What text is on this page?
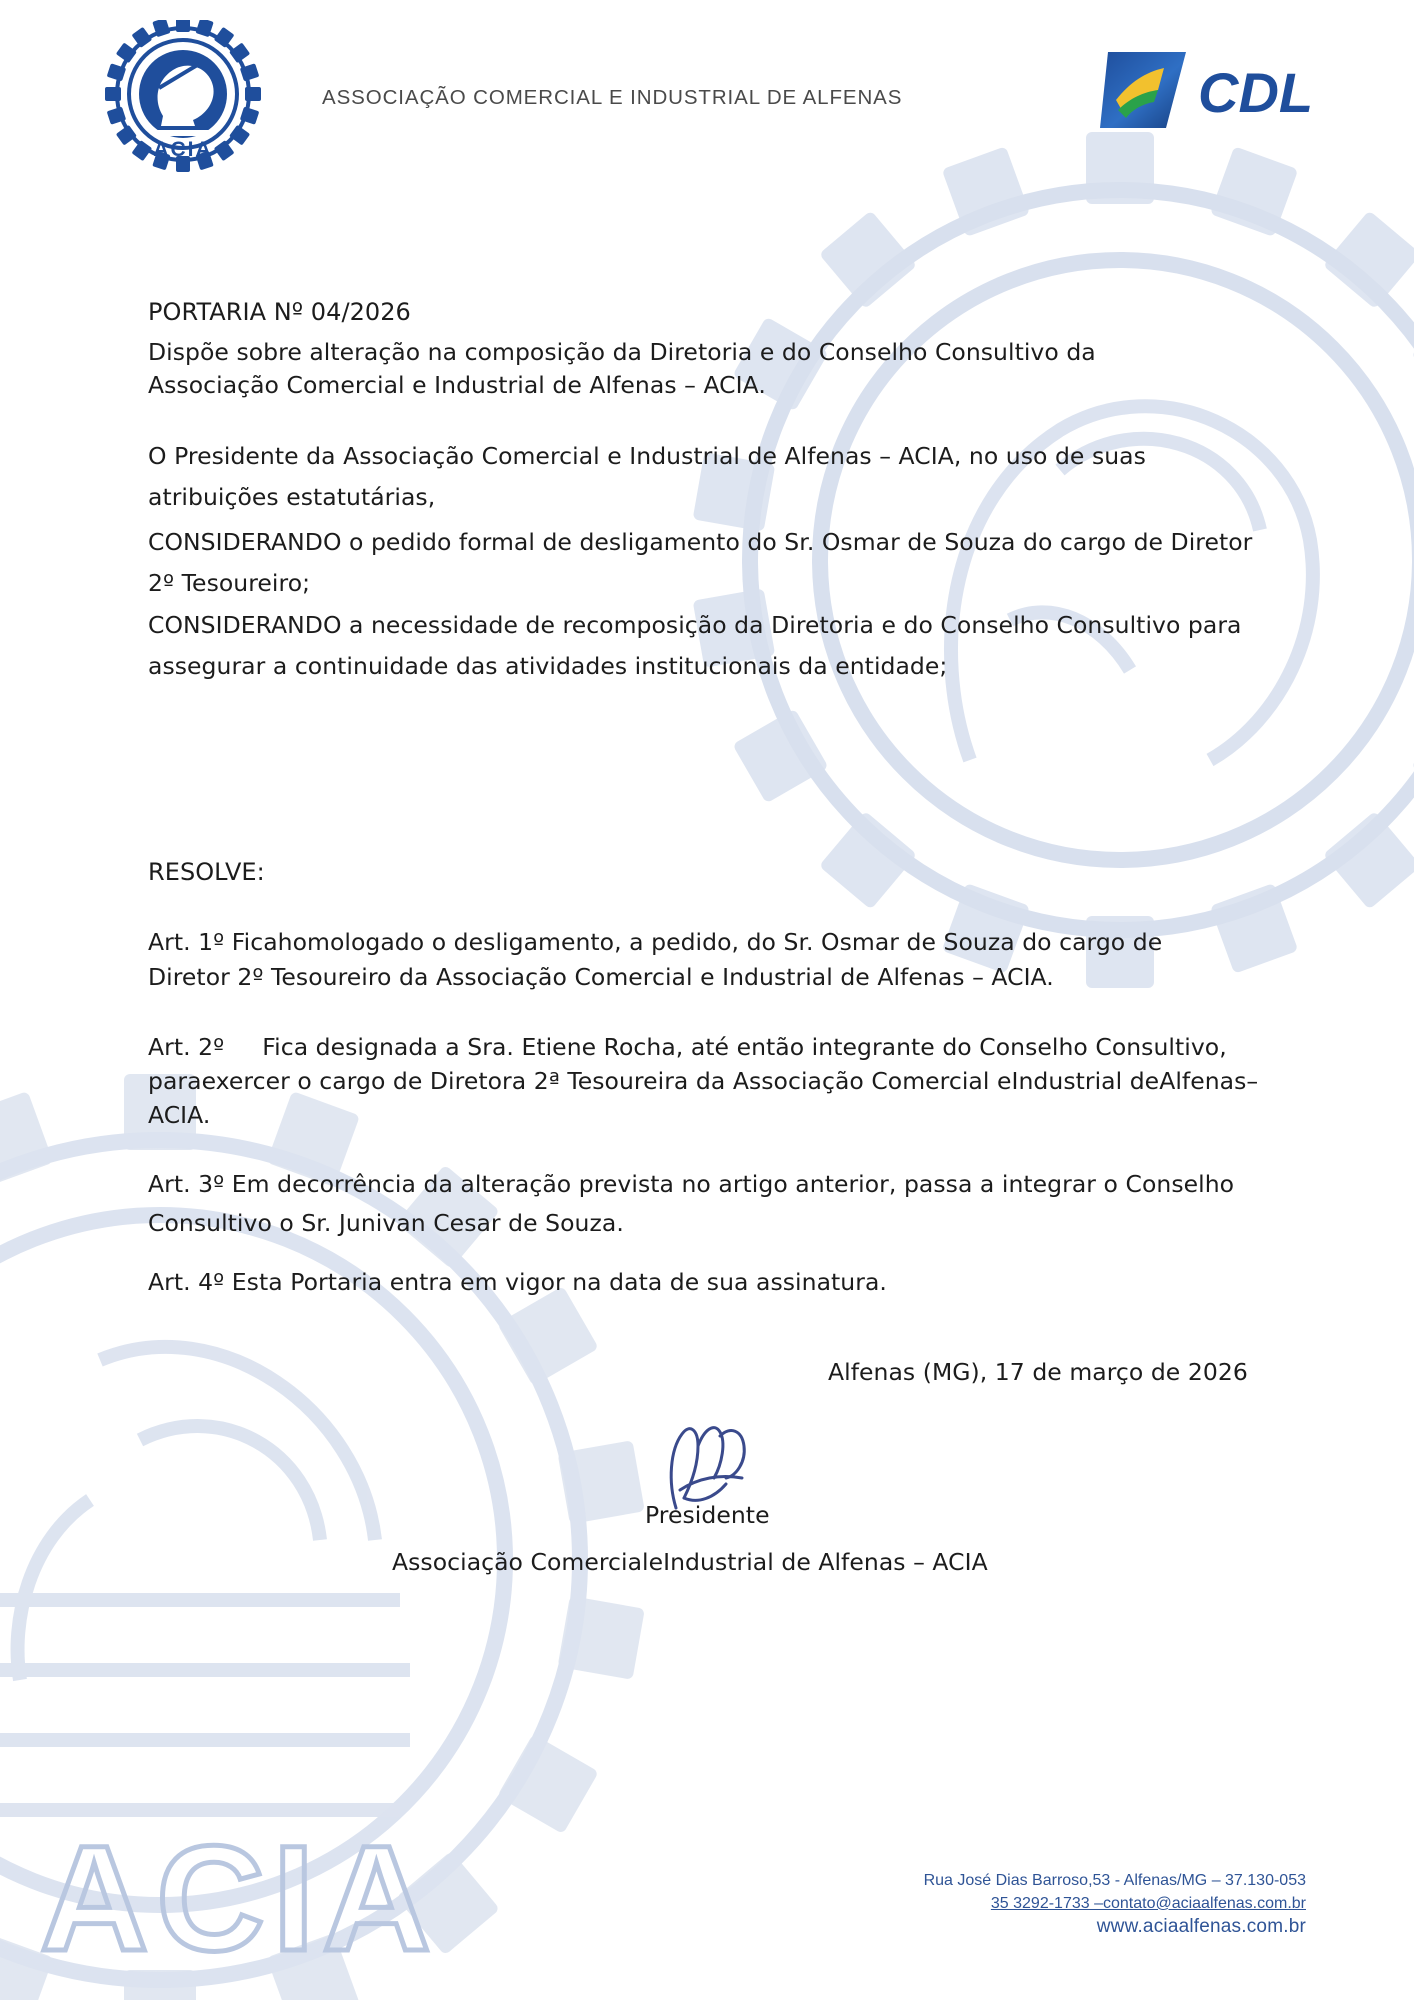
ACIA
ACIA
ASSOCIAÇÃO COMERCIAL E INDUSTRIAL DE ALFENAS	CDL
PORTARIA Nº 04/2026
Dispõe sobre alteração na composição da Diretoria e do Conselho Consultivo da Associação Comercial e Industrial de Alfenas – ACIA.
O Presidente da Associação Comercial e Industrial de Alfenas – ACIA, no uso de suas atribuições estatutárias,
CONSIDERANDO o pedido formal de desligamento do Sr. Osmar de Souza do cargo de Diretor 2º Tesoureiro;
CONSIDERANDO a necessidade de recomposição da Diretoria e do Conselho Consultivo para assegurar a continuidade das atividades institucionais da entidade;
RESOLVE:
Art. 1º Ficahomologado o desligamento, a pedido, do Sr. Osmar de Souza do cargo de
Diretor 2º Tesoureiro da Associação Comercial e Industrial de Alfenas – ACIA.
Art. 2º Fica designada a Sra. Etiene Rocha, até então integrante do Conselho Consultivo, paraexercer o cargo de Diretora 2ª Tesoureira da Associação Comercial eIndustrial deAlfenas– ACIA.
Art. 3º Em decorrência da alteração prevista no artigo anterior, passa a integrar o Conselho Consultivo o Sr. Junivan Cesar de Souza.
Art. 4º Esta Portaria entra em vigor na data de sua assinatura.
Alfenas (MG), 17 de março de 2026
Presidente
Associação ComercialeIndustrial de Alfenas – ACIA
Rua José Dias Barroso,53 - Alfenas/MG – 37.130-053
35 3292-1733 –contato@aciaalfenas.com.br
www.aciaalfenas.com.br
